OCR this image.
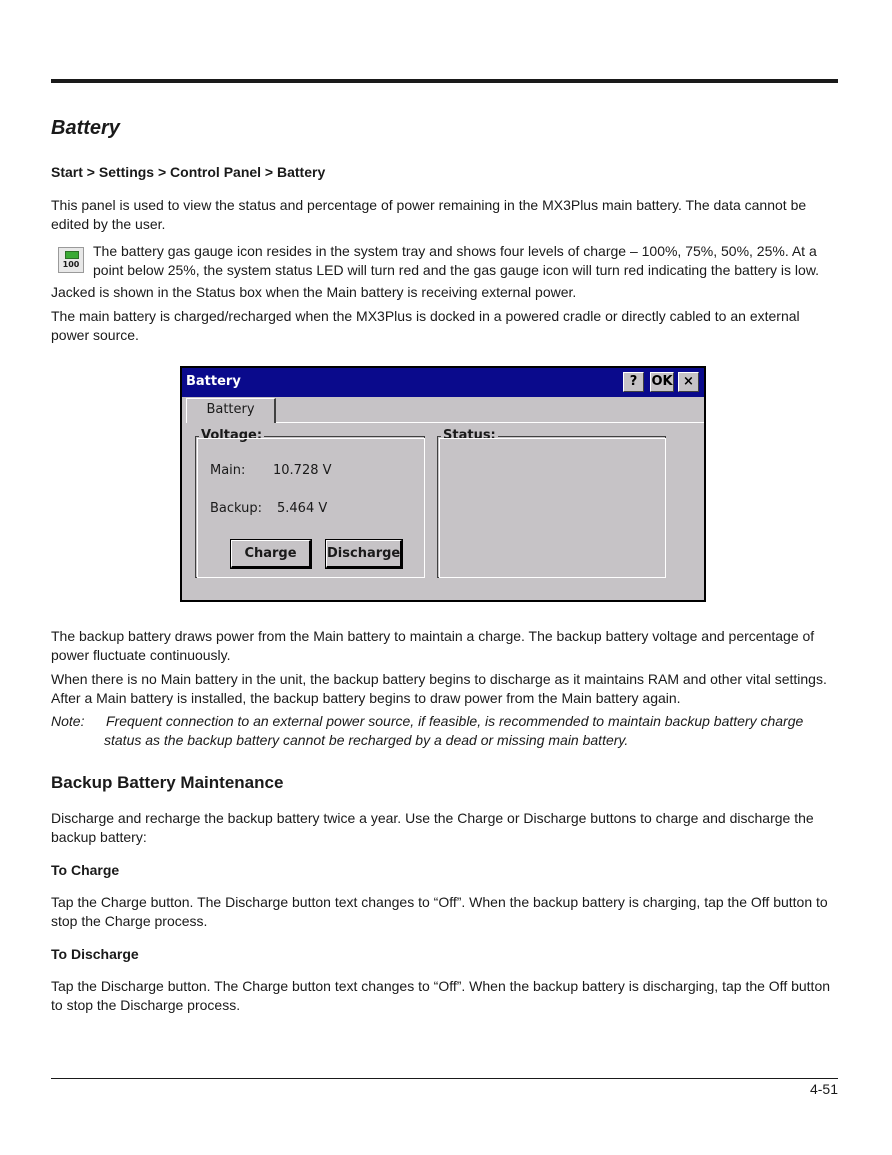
Battery

Start > Settings > Control Panel > Battery

This panel is used to view the status and percentage of power remaining in the MX3Plus main battery. The data cannot be edited by the user.

100

The battery gas gauge icon resides in the system tray and shows four levels of charge – 100%, 75%, 50%, 25%. At a point below 25%, the system status LED will turn red and the gas gauge icon will turn red indicating the battery is low.

Jacked is shown in the Status box when the Main battery is receiving external power.

The main battery is charged/recharged when the MX3Plus is docked in a powered cradle or directly cabled to an external power source.

Battery	?	OK ×
Battery
Voltage:
Main: 10.728 V
Backup: 5.464 V
Charge	Discharge
Status:

The backup battery draws power from the Main battery to maintain a charge. The backup battery voltage and percentage of power fluctuate continuously.

When there is no Main battery in the unit, the backup battery begins to discharge as it maintains RAM and other vital settings. After a Main battery is installed, the backup battery begins to draw power from the Main battery again.

Note: Frequent connection to an external power source, if feasible, is recommended to maintain backup battery charge status as the backup battery cannot be recharged by a dead or missing main battery.

Backup Battery Maintenance

Discharge and recharge the backup battery twice a year. Use the Charge or Discharge buttons to charge and discharge the backup battery:

To Charge

Tap the Charge button. The Discharge button text changes to “Off”. When the backup battery is charging, tap the Off button to stop the Charge process.

To Discharge

Tap the Discharge button. The Charge button text changes to “Off”. When the backup battery is discharging, tap the Off button to stop the Discharge process.

4-51
